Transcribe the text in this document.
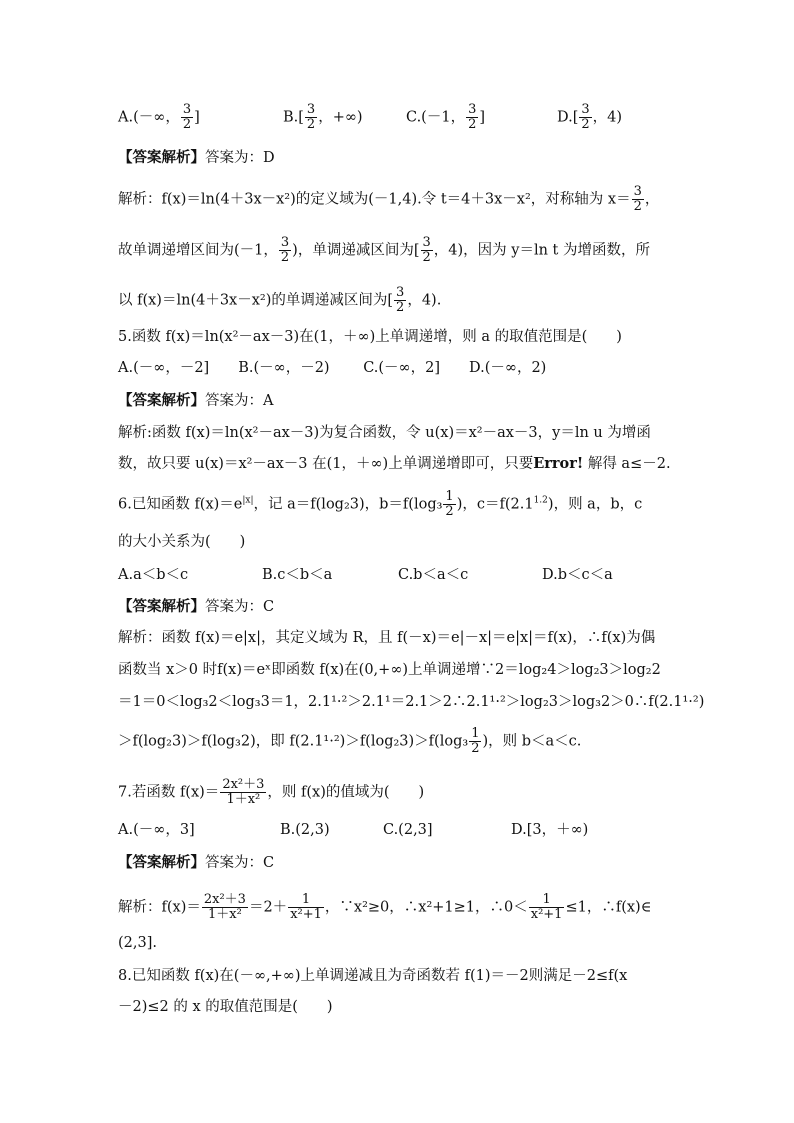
A.(－∞， $\frac{3}{2}$ ]	$B.[ \frac{3}{2}$ ，+∞)	C.(－1， $\frac{3}{2}$ ]	$D.[ \frac{3}{2}$ ，4)
【答案解析】答案为：D
解析：f(x)＝ln(4＋3x－x²)的定义域为(－1,4).令 t＝4＋3x－x²，对称轴为 $x= \frac{3}{2}$ ，
故单调递增区间为(－1， $\frac{3}{2}$ )，单调递减区间为[ $\frac{3}{2}$ ，4)，因为 y＝ln t 为增函数，所
以 f(x)＝ln(4＋3x－x²)的单调递减区间为[ $\frac{3}{2}$ ，4).
5.函数 f(x)＝ln(x²－ax－3)在(1，＋∞)上单调递增，则 a 的取值范围是(　　)
A.(－∞，－2]　　B.(－∞，－2)　　 C.(－∞，2]　　D.(－∞，2)
【答案解析】答案为：A
解析:函数 f(x)＝ln(x²－ax－3)为复合函数，令 u(x)＝x²－ax－3，y＝ln u 为增函
数，故只要 u(x)＝x²－ax－3 在(1，＋∞)上单调递增即可，只要Error! 解得 a≤－2.
6.已知函数 $f(x)=e^{|x|}$，记 a＝f(log₂3)，$b=f(\log_3 \frac{1}{2}$ )，$c=f(2.1^{1.2})$，则 a，b，c
的大小关系为(　　)
A.a＜b＜c	B.c＜b＜a	C.b＜a＜c	D.b＜c＜a
【答案解析】答案为：C
解析：函数 f(x)＝e|x|，其定义域为 R，且 f(－x)＝e|－x|＝e|x|＝f(x)，∴f(x)为偶
函数当 x＞0 时f(x)＝eˣ即函数 f(x)在(0,+∞)上单调递增∵2＝log₂4＞log₂3＞log₂2
＝1＝0＜log₃2＜log₃3＝1，2.1¹·²＞2.1¹＝2.1＞2∴2.1¹·²＞log₂3＞log₃2＞0∴f(2.1¹·²)
＞f(log₂3)＞f(log₃2)，即 $f(2.1^1\cdot^2)>f(\log_23)>f(\log_3 \frac{1}{2}$ )，则 b＜a＜c.
7.若函数 $f(x)= \frac{\text{2x²＋3}}{\text{1＋x²}}$ ，则 f(x)的值域为(　　)
A.(－∞，3]	B.(2,3)	C.(2,3]	D.[3，＋∞)
【答案解析】答案为：C
解析：$f(x)= \frac{\text{2x²＋3}}{\text{1＋x²}} =2+ \frac{1}{\text{x²+1}}$ ，∵x²≥0，∴x²+1≥1，∴0＜ $\frac{1}{\text{x²+1}} \le 1$，∴f(x)∈
(2,3].
8.已知函数 f(x)在(－∞,+∞)上单调递减且为奇函数若 f(1)＝－2则满足－2≤f(x
－2)≤2 的 x 的取值范围是(　　)
